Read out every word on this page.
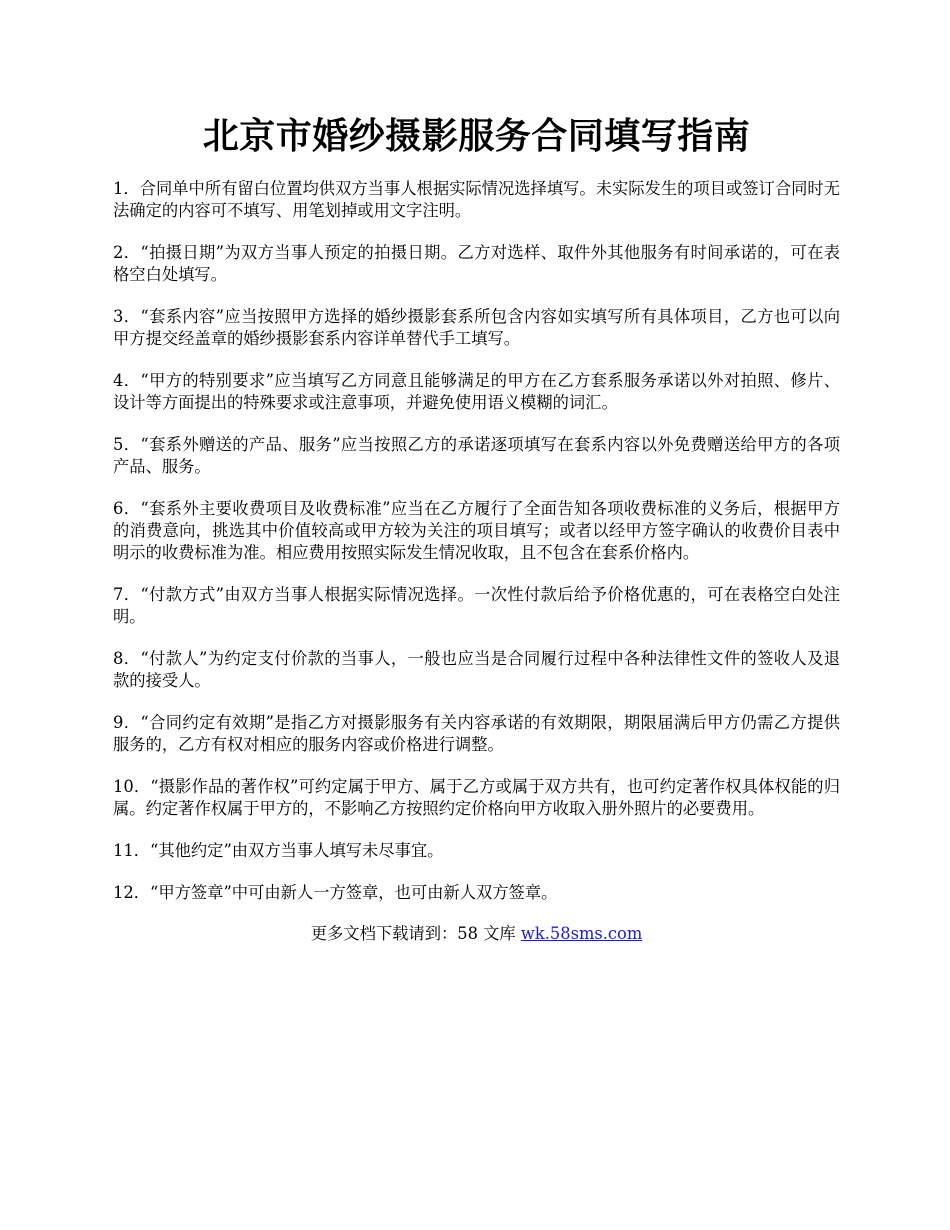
北京市婚纱摄影服务合同填写指南
1．合同单中所有留白位置均供双方当事人根据实际情况选择填写。未实际发生的项目或签订合同时无法确定的内容可不填写、用笔划掉或用文字注明。
2．“拍摄日期”为双方当事人预定的拍摄日期。乙方对选样、取件外其他服务有时间承诺的，可在表格空白处填写。
3．“套系内容”应当按照甲方选择的婚纱摄影套系所包含内容如实填写所有具体项目，乙方也可以向甲方提交经盖章的婚纱摄影套系内容详单替代手工填写。
4．“甲方的特别要求”应当填写乙方同意且能够满足的甲方在乙方套系服务承诺以外对拍照、修片、设计等方面提出的特殊要求或注意事项，并避免使用语义模糊的词汇。
5．“套系外赠送的产品、服务”应当按照乙方的承诺逐项填写在套系内容以外免费赠送给甲方的各项产品、服务。
6．“套系外主要收费项目及收费标准”应当在乙方履行了全面告知各项收费标准的义务后，根据甲方的消费意向，挑选其中价值较高或甲方较为关注的项目填写；或者以经甲方签字确认的收费价目表中明示的收费标准为准。相应费用按照实际发生情况收取，且不包含在套系价格内。
7．“付款方式”由双方当事人根据实际情况选择。一次性付款后给予价格优惠的，可在表格空白处注明。
8．“付款人”为约定支付价款的当事人，一般也应当是合同履行过程中各种法律性文件的签收人及退款的接受人。
9．“合同约定有效期”是指乙方对摄影服务有关内容承诺的有效期限，期限届满后甲方仍需乙方提供服务的，乙方有权对相应的服务内容或价格进行调整。
10．“摄影作品的著作权”可约定属于甲方、属于乙方或属于双方共有，也可约定著作权具体权能的归属。约定著作权属于甲方的，不影响乙方按照约定价格向甲方收取入册外照片的必要费用。
11．“其他约定”由双方当事人填写未尽事宜。
12．“甲方签章”中可由新人一方签章，也可由新人双方签章。
更多文档下载请到：58 文库 wk.58sms.com
